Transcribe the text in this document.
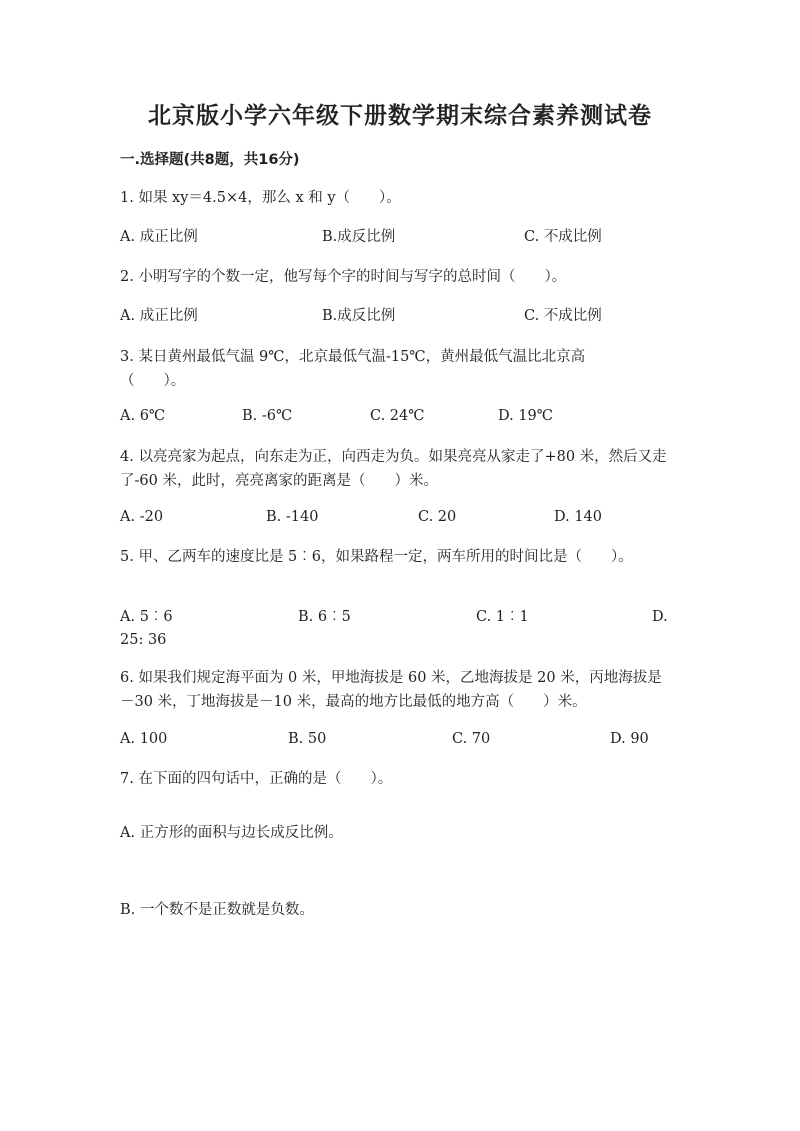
北京版小学六年级下册数学期末综合素养测试卷
一.选择题(共8题，共16分)
1. 如果 xy＝4.5×4，那么 x 和 y（　　）。
A. 成正比例	B.成反比例	C. 不成比例
2. 小明写字的个数一定，他写每个字的时间与写字的总时间（　　）。
A. 成正比例	B.成反比例	C. 不成比例
3. 某日黄州最低气温 9℃，北京最低气温-15℃，黄州最低气温比北京高（　　）。
A. 6℃	B. -6℃	C. 24℃	D. 19℃
4. 以亮亮家为起点，向东走为正，向西走为负。如果亮亮从家走了+80 米，然后又走了-60 米，此时，亮亮离家的距离是（　　）米。
A. -20	B. -140	C. 20	D. 140
5. 甲、乙两车的速度比是 5︰6，如果路程一定，两车所用的时间比是（　　）。
A. 5︰6	B. 6︰5	C. 1︰1	D. 25: 36
6. 如果我们规定海平面为 0 米，甲地海拔是 60 米，乙地海拔是 20 米，丙地海拔是－30 米，丁地海拔是－10 米，最高的地方比最低的地方高（　　）米。
A. 100	B. 50	C. 70	D. 90
7. 在下面的四句话中，正确的是（　　）。
A. 正方形的面积与边长成反比例。
B. 一个数不是正数就是负数。
